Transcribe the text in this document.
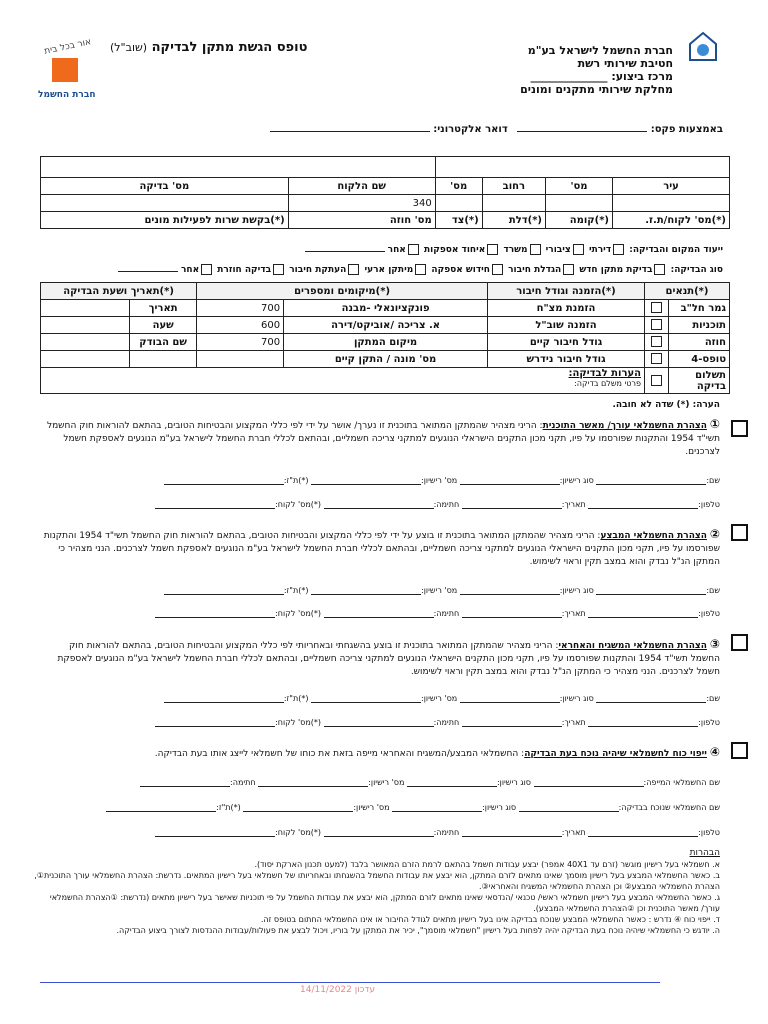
חברת החשמל לישראל בע"מ
חטיבת שירותי רשת
מרכז ביצוע: ______________
מחלקת שירותי מתקנים ומונים
טופס הגשת מתקן לבדיקה (שוב"ל)
אור בכל בית
חברת החשמל
באמצעות פקס:  דואר אלקטרוני:

עיר	מס'	רחוב	מס'	שם הלקוח	מס' בדיקה
				340	
(*)מס' לקוח/ת.ז.	(*)קומה	(*)דלת	(*)צד	מס' חוזה	(*)בקשת שרות לפעילות מונים
ייעוד המקום והבדיקה: דירתי ציבורי משרד איחוד אספקות אחר
סוג הבדיקה: בדיקת מתקן חדש הגדלת חיבור חידוש אספקה מיתקן ארעי העתקת חיבור בדיקה חוזרת אחר
(*)תנאים		(*)הזמנה וגודל חיבור	(*)מיקומים ומספרים		(*)תאריך ושעת הבדיקה	
גמר חל"ב		הזמנת מצ"ח	פונקציונאלי -מבנה	700	תאריך	
תוכניות		הזמנה שוב"ל	א. צריכה /אוביקט/דירה	600	שעה	
חוזה		גודל חיבור קיים	מיקום המתקן	700	שם הבודק	
טופס-4		גודל חיבור נידרש	מס' מונה / התקן קיים			
תשלום בדיקה		הערות לבדיקה:
פרטי משלם בדיקה:				
הערה: (*) שדה לא חובה.
① הצהרת החשמלאי עורך/ מאשר התוכנית: הריני מצהיר שהמתקן המתואר בתוכנית זו נערך/ אושר על ידי לפי כללי המקצוע והבטיחות הטובים, בהתאם להוראות חוק החשמל תשי"ד 1954 והתקנות שפורסמו על פיו, תקני מכון התקנים הישראלי הנוגעים למתקני צריכה חשמליים, ובהתאם לכללי חברת החשמל לישראל בע"מ הנוגעים לאספקת חשמל לצרכנים.
שם: סוג רישיון: מס' רישיון: (*)ת"ז:
טלפון: תאריך: חתימה: (*)מס' לקוח:
② הצהרת החשמלאי המבצע: הריני מצהיר שהמתקן המתואר בתוכנית זו בוצע על ידי לפי כללי המקצוע והבטיחות הטובים, בהתאם להוראות חוק החשמל תשי"ד 1954 והתקנות שפורסמו על פיו, תקני מכון התקנים הישראלי הנוגעים למתקני צריכה חשמליים, ובהתאם לכללי חברת החשמל לישראל בע"מ הנוגעים לאספקת חשמל לצרכנים. הנני מצהיר כי המתקן הנ"ל נבדק והוא במצב תקין וראוי לשימוש.
שם: סוג רישיון: מס' רישיון: (*)ת"ז:
טלפון: תאריך: חתימה: (*)מס' לקוח:
③ הצהרת החשמלאי המשגיח והאחראי: הריני מצהיר שהמתקן המתואר בתוכנית זו בוצע בהשגחתי ובאחריותי לפי כללי המקצוע והבטיחות הטובים, בהתאם להוראות חוק החשמל תשי"ד 1954 והתקנות שפורסמו על פיו, תקני מכון התקנים הישראלי הנוגעים למתקני צריכה חשמליים, ובהתאם לכללי חברת החשמל לישראל בע"מ הנוגעים לאספקת חשמל לצרכנים. הנני מצהיר כי המתקן הנ"ל נבדק והוא במצב תקין וראוי לשימוש.
שם: סוג רישיון: מס' רישיון: (*)ת"ז:
טלפון: תאריך: חתימה: (*)מס' לקוח:
④ ייפוי כוח לחשמלאי שיהיה נוכח בעת הבדיקה: החשמלאי המבצע/המשגיח והאחראי מייפה בזאת את כוחו של חשמלאי לייצג אותו בעת הבדיקה.
שם החשמלאי המייפה: סוג רישיון: מס' רישיון: חתימה:
שם החשמלאי שנוכח בבדיקה: סוג רישיון: מס' רישיון: (*)ת"ז:
טלפון: תאריך: חתימה: (*)מס' לקוח:
הבהרות
א. חשמלאי בעל רישיון מוגשר (זרם עד 40X1 אמפר) יבצע עבודות חשמל בהתאם לרמת הזרם המאושר בלבד (למעט תכנון הארקת יסוד).
ב. כאשר החשמלאי המבצע בעל רישיון מוסמך שאינו מתאים לזרם המתקן, הוא יבצע את עבודות החשמל בהשגחתו ובאחריותו של חשמלאי בעל רישיון המתאים. נדרשת: הצהרת החשמלאי עורך התוכנית①, הצהרת החשמלאי המבצע② וכן הצהרת החשמלאי המשגיח והאחראי③.
ג. כאשר החשמלאי המבצע בעל רישיון חשמלאי ראשי/ טכנאי /הנדסאי שאינו מתאים לזרם המתקן, הוא יבצע את עבודות החשמל על פי תוכניות שאישר בעל רישיון מתאים (נדרשת: ①הצהרת החשמלאי עורך/ מאשר התוכנית וכן ②הצהרת החשמלאי המבצע).
ד. ייפוי כוח ④ נדרש : כאשר החשמלאי המבצע שנוכח בבדיקה אינו בעל רישיון מתאים לגודל החיבור או אינו החשמלאי החתום בטופס זה.
ה. יודגש כי החשמלאי שיהיה נוכח בעת הבדיקה יהיה לפחות בעל רישיון "חשמלאי מוסמך", יכיר את המתקן על בוריו, ויכול לבצע את פעולות/עבודות ההנדסות לצורך ביצוע הבדיקה.
עדכון 14/11/2022
